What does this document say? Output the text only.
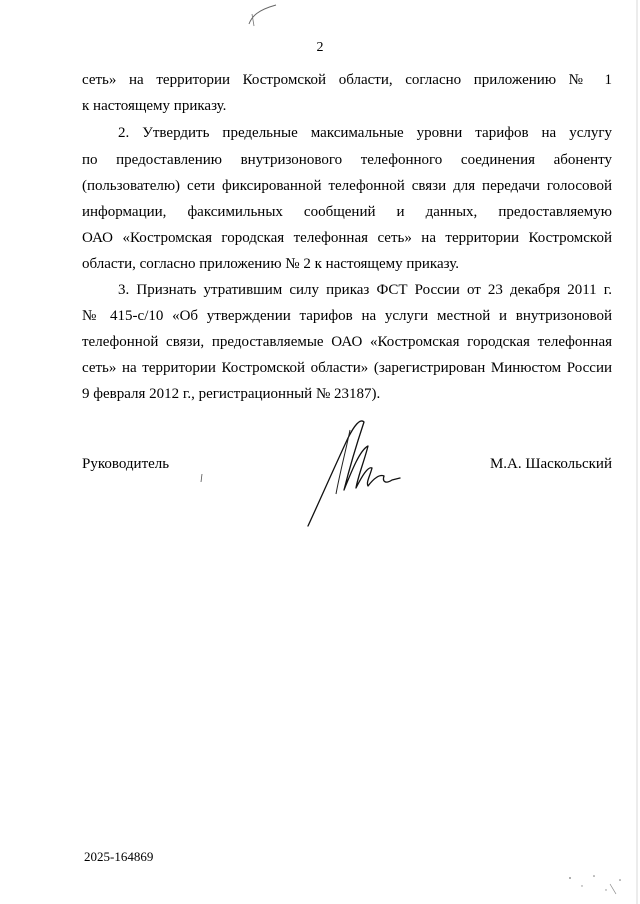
2
сеть» на территории Костромской области, согласно приложению № 1
к настоящему приказу.
2. Утвердить предельные максимальные уровни тарифов на услугу
по предоставлению внутризонового телефонного соединения абоненту
(пользователю) сети фиксированной телефонной связи для передачи голосовой
информации, факсимильных сообщений и данных, предоставляемую
ОАО «Костромская городская телефонная сеть» на территории Костромской
области, согласно приложению № 2 к настоящему приказу.
3. Признать утратившим силу приказ ФСТ России от 23 декабря 2011 г.
№ 415-с/10 «Об утверждении тарифов на услуги местной и внутризоновой
телефонной связи, предоставляемые ОАО «Костромская городская телефонная
сеть» на территории Костромской области» (зарегистрирован Минюстом России
9 февраля 2012 г., регистрационный № 23187).
Руководитель	М.А. Шаскольский
2025-164869
